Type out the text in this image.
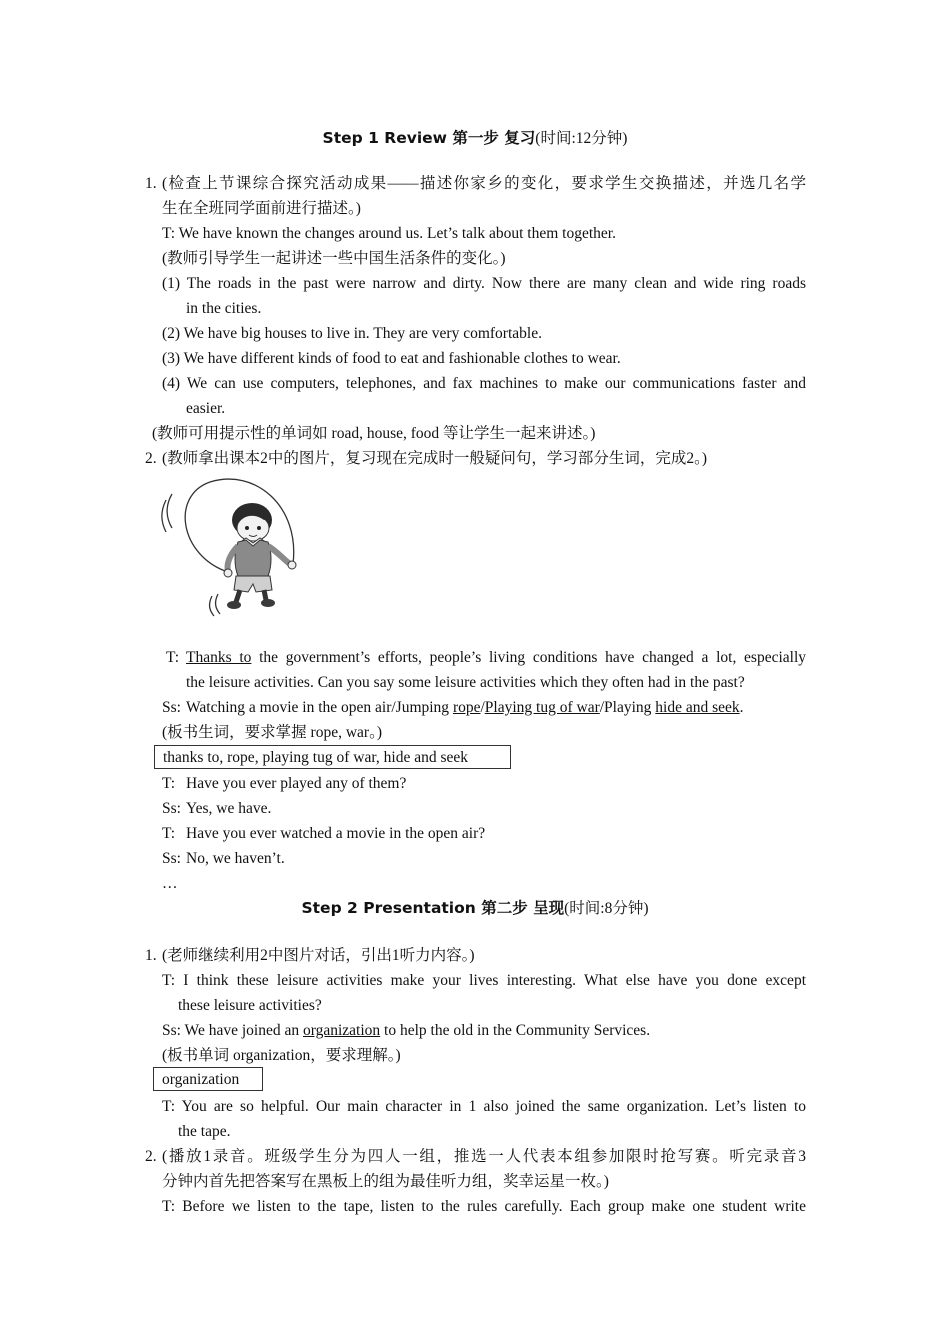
Step 1 Review 第一步 复习(时间:12分钟)
1. (检查上节课综合探究活动成果——描述你家乡的变化，要求学生交换描述，并选几名学
生在全班同学面前进行描述。)
T: We have known the changes around us. Let’s talk about them together.
(教师引导学生一起讲述一些中国生活条件的变化。)
(1) The roads in the past were narrow and dirty. Now there are many clean and wide ring roads
in the cities.
(2) We have big houses to live in. They are very comfortable.
(3) We have different kinds of food to eat and fashionable clothes to wear.
(4) We can use computers, telephones, and fax machines to make our communications faster and
easier.
(教师可用提示性的单词如 road, house, food 等让学生一起来讲述。)
2. (教师拿出课本2中的图片，复习现在完成时一般疑问句，学习部分生词，完成2。)
T: Thanks to the government’s efforts, people’s living conditions have changed a lot, especially
the leisure activities. Can you say some leisure activities which they often had in the past?
Ss: Watching a movie in the open air/Jumping rope/Playing tug of war/Playing hide and seek.
(板书生词，要求掌握 rope, war。)
thanks to, rope, playing tug of war, hide and seek
T: Have you ever played any of them?
Ss: Yes, we have.
T: Have you ever watched a movie in the open air?
Ss: No, we haven’t.
…
Step 2 Presentation 第二步 呈现(时间:8分钟)
1. (老师继续利用2中图片对话，引出1听力内容。)
T: I think these leisure activities make your lives interesting. What else have you done except
these leisure activities?
Ss: We have joined an organization to help the old in the Community Services.
(板书单词 organization，要求理解。)
organization
T: You are so helpful. Our main character in 1 also joined the same organization. Let’s listen to
the tape.
2. (播放1录音。班级学生分为四人一组，推选一人代表本组参加限时抢写赛。听完录音3
分钟内首先把答案写在黑板上的组为最佳听力组，奖幸运星一枚。)
T: Before we listen to the tape, listen to the rules carefully. Each group make one student write
